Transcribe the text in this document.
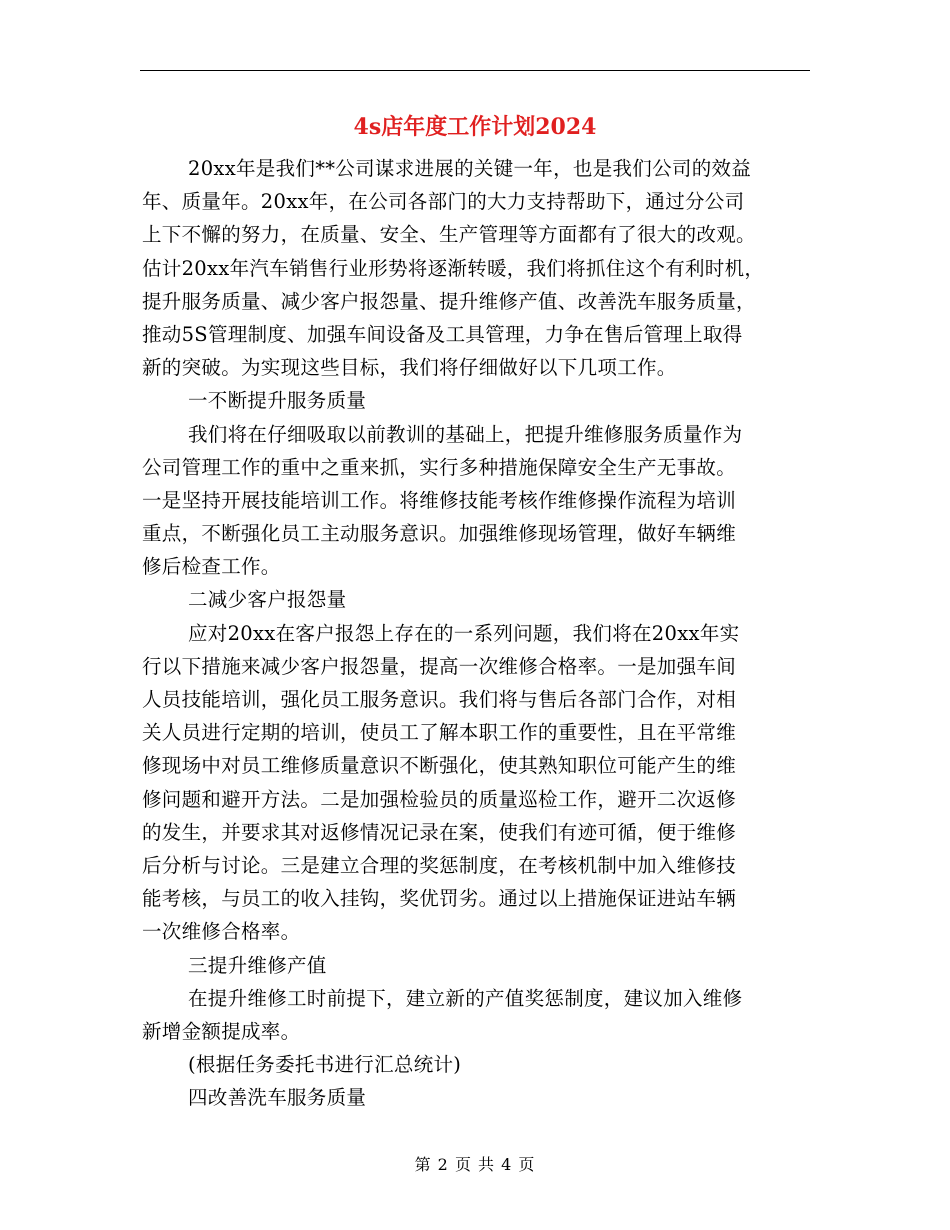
4s店年度工作计划2024
20xx年是我们**公司谋求进展的关键一年，也是我们公司的效益
年、质量年。20xx年，在公司各部门的大力支持帮助下，通过分公司
上下不懈的努力，在质量、安全、生产管理等方面都有了很大的改观。
估计20xx年汽车销售行业形势将逐渐转暖，我们将抓住这个有利时机，
提升服务质量、减少客户报怨量、提升维修产值、改善洗车服务质量，
推动5S管理制度、加强车间设备及工具管理，力争在售后管理上取得
新的突破。为实现这些目标，我们将仔细做好以下几项工作。
一不断提升服务质量
我们将在仔细吸取以前教训的基础上，把提升维修服务质量作为
公司管理工作的重中之重来抓，实行多种措施保障安全生产无事故。
一是坚持开展技能培训工作。将维修技能考核作维修操作流程为培训
重点，不断强化员工主动服务意识。加强维修现场管理，做好车辆维
修后检查工作。
二减少客户报怨量
应对20xx在客户报怨上存在的一系列问题，我们将在20xx年实
行以下措施来减少客户报怨量，提高一次维修合格率。一是加强车间
人员技能培训，强化员工服务意识。我们将与售后各部门合作，对相
关人员进行定期的培训，使员工了解本职工作的重要性，且在平常维
修现场中对员工维修质量意识不断强化，使其熟知职位可能产生的维
修问题和避开方法。二是加强检验员的质量巡检工作，避开二次返修
的发生，并要求其对返修情况记录在案，使我们有迹可循，便于维修
后分析与讨论。三是建立合理的奖惩制度，在考核机制中加入维修技
能考核，与员工的收入挂钩，奖优罚劣。通过以上措施保证进站车辆
一次维修合格率。
三提升维修产值
在提升维修工时前提下，建立新的产值奖惩制度，建议加入维修
新增金额提成率。
(根据任务委托书进行汇总统计)
四改善洗车服务质量
第 2 页 共 4 页
